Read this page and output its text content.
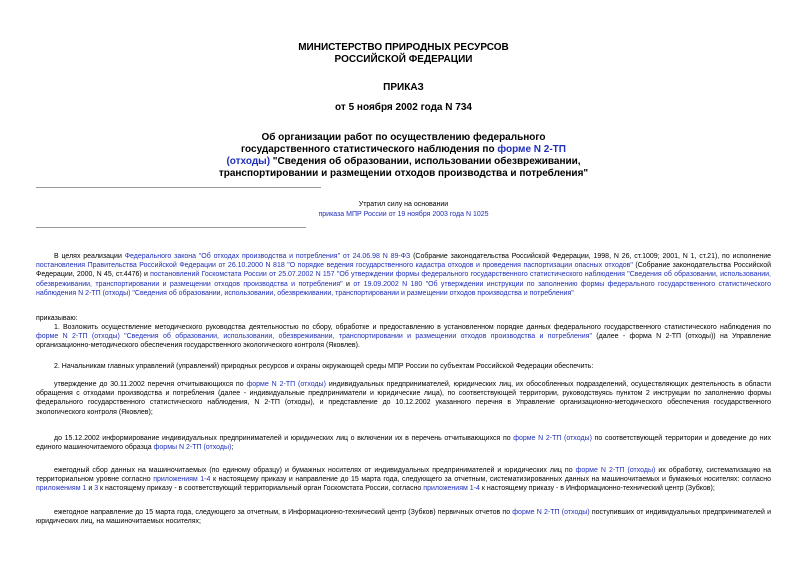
МИНИСТЕРСТВО ПРИРОДНЫХ РЕСУРСОВ
РОССИЙСКОЙ ФЕДЕРАЦИИ
ПРИКАЗ
от 5 ноября 2002 года N 734
Об организации работ по осуществлению федерального
государственного статистического наблюдения по форме N 2-ТП
(отходы) "Сведения об образовании, использовании обезвреживании,
транспортировании и размещении отходов производства и потребления"
Утратил силу на основании
приказа МПР России от 19 ноября 2003 года N 1025
В целях реализации Федерального закона "Об отходах производства и потребления" от 24.06.98 N 89-ФЗ (Собрание законодательства Российской Федерации, 1998, N 26, ст.1009; 2001, N 1, ст.21), по исполнение постановления Правительства Российской Федерации от 26.10.2000 N 818 "О порядке ведения государственного кадастра отходов и проведения паспортизации опасных отходов" (Собрание законодательства Российской Федерации, 2000, N 45, ст.4476) и постановлений Госкомстата России от 25.07.2002 N 157 "Об утверждении формы федерального государственного статистического наблюдения "Сведения об образовании, использовании, обезвреживании, транспортировании и размещении отходов производства и потребления" и от 19.09.2002 N 180 "Об утверждении инструкции по заполнению формы федерального государственного статистического наблюдения N 2-ТП (отходы) "Сведения об образовании, использовании, обезвреживании, транспортировании и размещении отходов производства и потребления"
приказываю:
1. Возложить осуществление методического руководства деятельностью по сбору, обработке и предоставлению в установленном порядке данных федерального государственного статистического наблюдения по форме N 2-ТП (отходы) "Сведения об образовании, использовании, обезвреживании, транспортировании и размещении отходов производства и потребления" (далее - форма N 2-ТП (отходы)) на Управление организационно-методического обеспечения государственного экологического контроля (Яковлев).
2. Начальникам главных управлений (управлений) природных ресурсов и охраны окружающей среды МПР России по субъектам Российской Федерации обеспечить:
утверждение до 30.11.2002 перечня отчитывающихся по форме N 2-ТП (отходы) индивидуальных предпринимателей, юридических лиц, их обособленных подразделений, осуществляющих деятельность в области обращения с отходами производства и потребления (далее - индивидуальные предприниматели и юридические лица), по соответствующей территории, руководствуясь пунктом 2 инструкции по заполнению формы федерального государственного статистического наблюдения, N 2-ТП (отходы), и представление до 10.12.2002 указанного перечня в Управление организационно-методического обеспечения государственного экологического контроля (Яковлев);
до 15.12.2002 информирование индивидуальных предпринимателей и юридических лиц о включении их в перечень отчитывающихся по форме N 2-ТП (отходы) по соответствующей территории и доведение до них единого машиночитаемого образца формы N 2-ТП (отходы);
ежегодный сбор данных на машиночитаемых (по единому образцу) и бумажных носителях от индивидуальных предпринимателей и юридических лиц по форме N 2-ТП (отходы) их обработку, систематизацию на территориальном уровне согласно приложениям 1-4 к настоящему приказу и направление до 15 марта года, следующего за отчетным, систематизированных данных на машиночитаемых и бумажных носителях: согласно приложениям 1 и 3 к настоящему приказу - в соответствующий территориальный орган Госкомстата России, согласно приложениям 1-4 к настоящему приказу - в Информационно-технический центр (Зубков);
ежегодное направление до 15 марта года, следующего за отчетным, в Информационно-технический центр (Зубков) первичных отчетов по форме N 2-ТП (отходы) поступивших от индивидуальных предпринимателей и юридических лиц, на машиночитаемых носителях;
